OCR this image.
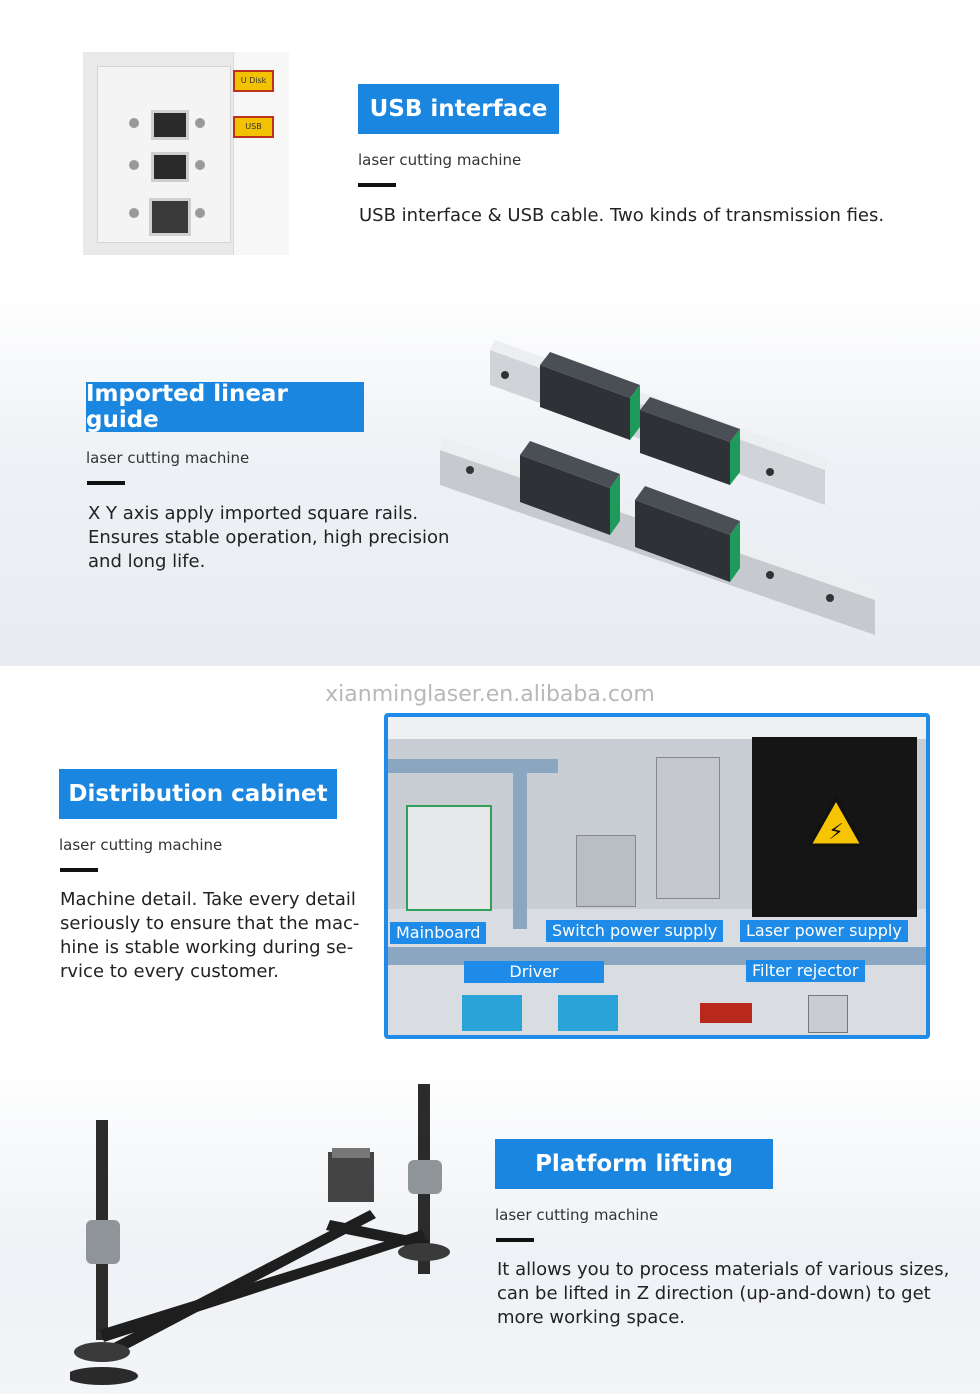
U Disk
USB
USB interface
laser cutting machine
USB interface & USB cable. Two kinds of transmission fies.
Imported linear guide
laser cutting machine
X Y axis apply imported square rails.
Ensures stable operation, high precision
and long life.
xianminglaser.en.alibaba.com
Distribution cabinet
laser cutting machine
Machine detail. Take every detail
seriously to ensure that the mac-
hine is stable working during se-
rvice to every customer.
⚡
Mainboard	Switch power supply	Laser power supply
Driver	Filter rejector
Platform lifting
laser cutting machine
It allows you to process materials of various sizes,
can be lifted in Z direction (up-and-down) to get
more working space.
